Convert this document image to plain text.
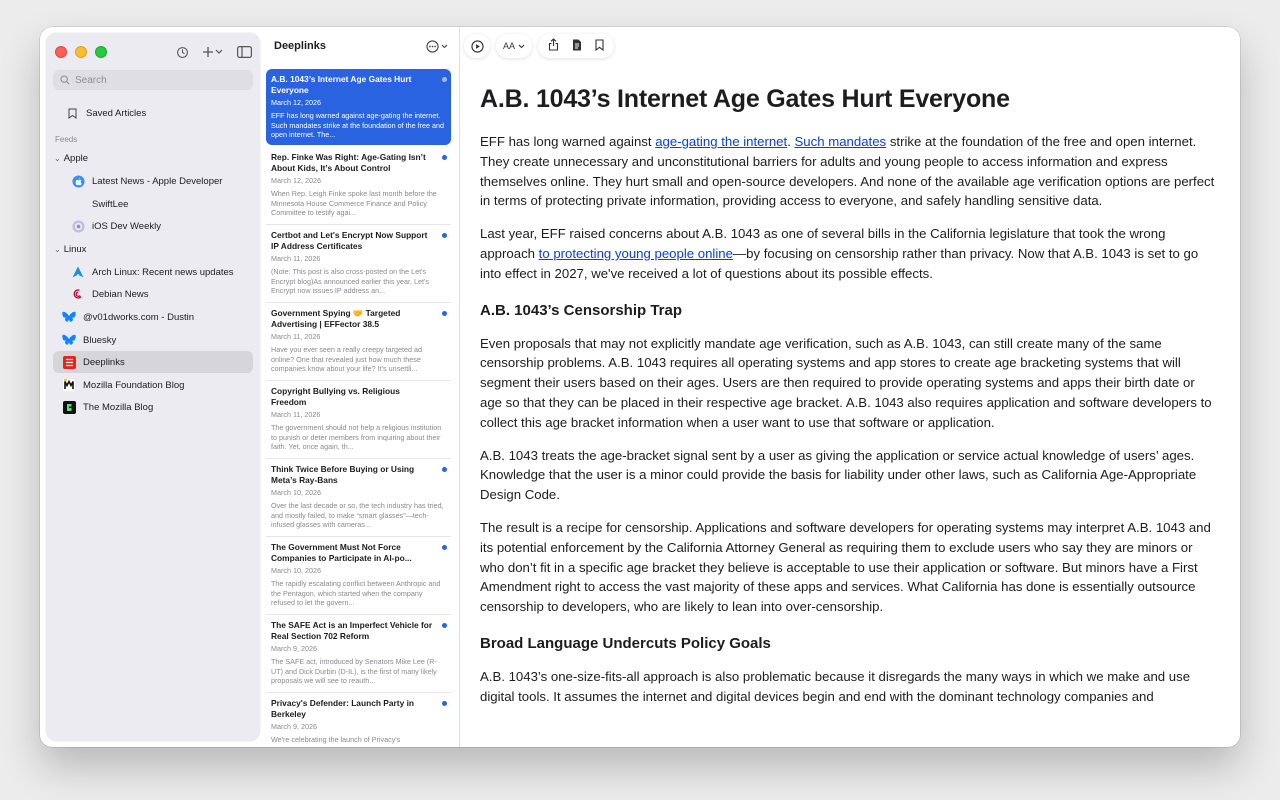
Search
Saved Articles
Feeds
⌄ Apple
Latest News - Apple Developer
SwiftLee
iOS Dev Weekly
⌄ Linux
Arch Linux: Recent news updates
Debian News
@v01dworks.com - Dustin
Bluesky
Deeplinks
Mozilla Foundation Blog
The Mozilla Blog
Deeplinks
A.B. 1043’s Internet Age Gates Hurt Everyone
March 12, 2026
EFF has long warned against age-gating the internet. Such mandates strike at the foundation of the free and open internet. The...
Rep. Finke Was Right: Age-Gating Isn’t About Kids, It’s About Control
March 12, 2026
When Rep. Leigh Finke spoke last month before the Minnesota House Commerce Finance and Policy Committee to testify agai...
Certbot and Let's Encrypt Now Support IP Address Certificates
March 11, 2026
(Note: This post is also cross-posted on the Let's Encrypt blog)As announced earlier this year, Let's Encrypt now issues IP address an...
Government Spying 🤝 Targeted Advertising | EFFector 38.5
March 11, 2026
Have you ever seen a really creepy targeted ad online? One that revealed just how much these companies know about your life? It's unsettli...
Copyright Bullying vs. Religious Freedom
March 11, 2026
The government should not help a religious institution to punish or deter members from inquiring about their faith. Yet, once again, th...
Think Twice Before Buying or Using Meta’s Ray-Bans
March 10, 2026
Over the last decade or so, the tech industry has tried, and mostly failed, to make “smart glasses”—tech-infused glasses with cameras...
The Government Must Not Force Companies to Participate in AI-po...
March 10, 2026
The rapidly escalating conflict between Anthropic and the Pentagon, which started when the company refused to let the govern...
The SAFE Act is an Imperfect Vehicle for Real Section 702 Reform
March 9, 2026
The SAFE act, introduced by Senators Mike Lee (R-UT) and Dick Durbin (D-IL), is the first of many likely proposals we will see to reauth...
Privacy's Defender: Launch Party in Berkeley
March 9, 2026
We're celebrating the launch of Privacy's
AA
A.B. 1043’s Internet Age Gates Hurt Everyone

EFF has long warned against age-gating the internet. Such mandates strike at the foundation of the free and open internet. They create unnecessary and unconstitutional barriers for adults and young people to access information and express themselves online. They hurt small and open-source developers. And none of the available age verification options are perfect in terms of protecting private information, providing access to everyone, and safely handling sensitive data.

Last year, EFF raised concerns about A.B. 1043 as one of several bills in the California legislature that took the wrong approach to protecting young people online—by focusing on censorship rather than privacy. Now that A.B. 1043 is set to go into effect in 2027, we've received a lot of questions about its possible effects.

A.B. 1043’s Censorship Trap

Even proposals that may not explicitly mandate age verification, such as A.B. 1043, can still create many of the same censorship problems. A.B. 1043 requires all operating systems and app stores to create age bracketing systems that will segment their users based on their ages. Users are then required to provide operating systems and apps their birth date or age so that they can be placed in their respective age bracket. A.B. 1043 also requires application and software developers to collect this age bracket information when a user want to use that software or application.

A.B. 1043 treats the age-bracket signal sent by a user as giving the application or service actual knowledge of users’ ages. Knowledge that the user is a minor could provide the basis for liability under other laws, such as California Age-Appropriate Design Code.

The result is a recipe for censorship. Applications and software developers for operating systems may interpret A.B. 1043 and its potential enforcement by the California Attorney General as requiring them to exclude users who say they are minors or who don’t fit in a specific age bracket they believe is acceptable to use their application or software. But minors have a First Amendment right to access the vast majority of these apps and services. What California has done is essentially outsource censorship to developers, who are likely to lean into over-censorship.

Broad Language Undercuts Policy Goals

A.B. 1043’s one-size-fits-all approach is also problematic because it disregards the many ways in which we make and use digital tools. It assumes the internet and digital devices begin and end with the dominant technology companies and
